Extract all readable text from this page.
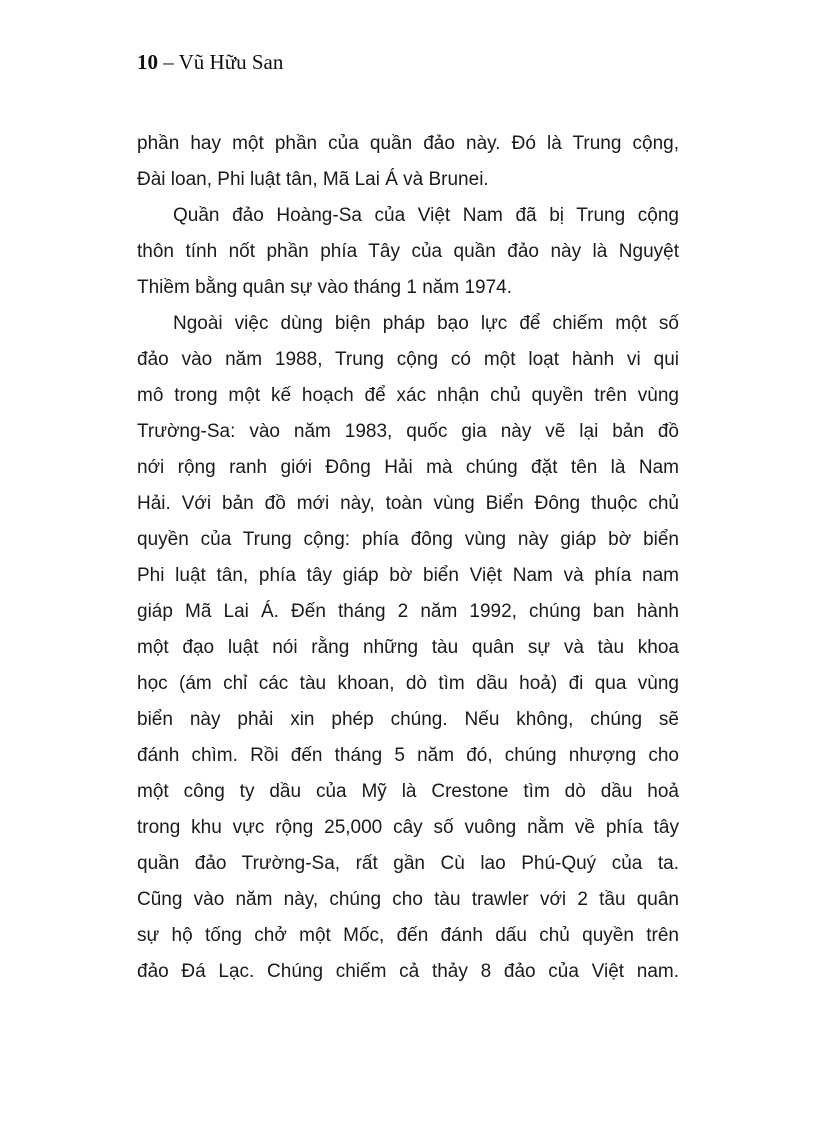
10 – Vũ Hữu San
phần hay một phần của quần đảo này. Đó là Trung cộng,
Đài loan, Phi luật tân, Mã Lai Á và Brunei.
Quần đảo Hoàng-Sa của Việt Nam đã bị Trung cộng
thôn tính nốt phần phía Tây của quần đảo này là Nguyệt
Thiềm bằng quân sự vào tháng 1 năm 1974.
Ngoài việc dùng biện pháp bạo lực để chiếm một số
đảo vào năm 1988, Trung cộng có một loạt hành vi qui
mô trong một kế hoạch để xác nhận chủ quyền trên vùng
Trường-Sa: vào năm 1983, quốc gia này vẽ lại bản đồ
nới rộng ranh giới Đông Hải mà chúng đặt tên là Nam
Hải. Với bản đồ mới này, toàn vùng Biển Đông thuộc chủ
quyền của Trung cộng: phía đông vùng này giáp bờ biển
Phi luật tân, phía tây giáp bờ biển Việt Nam và phía nam
giáp Mã Lai Á. Đến tháng 2 năm 1992, chúng ban hành
một đạo luật nói rằng những tàu quân sự và tàu khoa
học (ám chỉ các tàu khoan, dò tìm dầu hoả) đi qua vùng
biển này phải xin phép chúng. Nếu không, chúng sẽ
đánh chìm. Rồi đến tháng 5 năm đó, chúng nhượng cho
một công ty dầu của Mỹ là Crestone tìm dò dầu hoả
trong khu vực rộng 25,000 cây số vuông nằm về phía tây
quần đảo Trường-Sa, rất gần Cù lao Phú-Quý của ta.
Cũng vào năm này, chúng cho tàu trawler với 2 tầu quân
sự hộ tống chở một Mốc, đến đánh dấu chủ quyền trên
đảo Đá Lạc. Chúng chiếm cả thảy 8 đảo của Việt nam.
